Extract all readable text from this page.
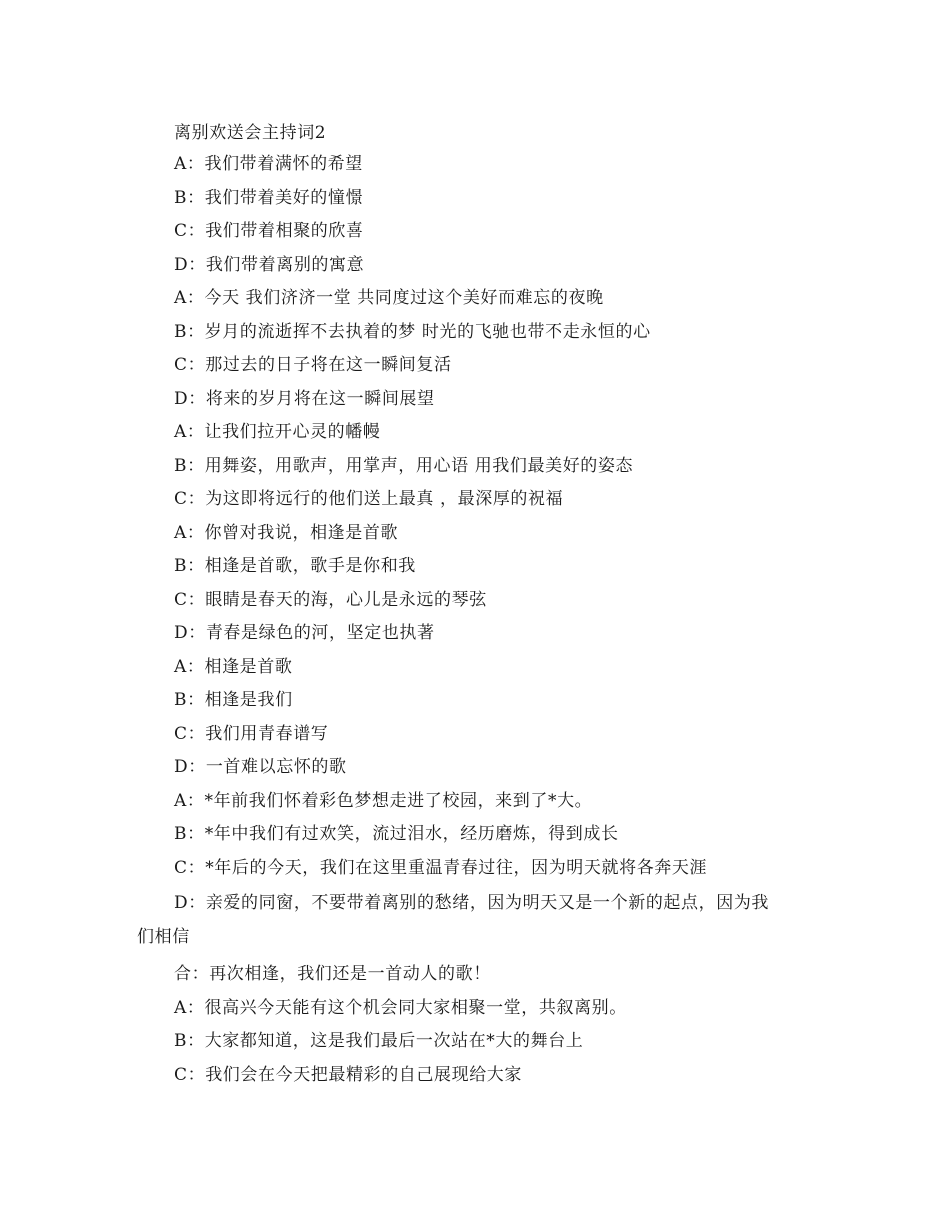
离别欢送会主持词2
A：我们带着满怀的希望
B：我们带着美好的憧憬
C：我们带着相聚的欣喜
D：我们带着离别的寓意
A：今天 我们济济一堂 共同度过这个美好而难忘的夜晚
B：岁月的流逝挥不去执着的梦 时光的飞驰也带不走永恒的心
C：那过去的日子将在这一瞬间复活
D：将来的岁月将在这一瞬间展望
A：让我们拉开心灵的幡幔
B：用舞姿，用歌声，用掌声，用心语 用我们最美好的姿态
C：为这即将远行的他们送上最真 ，最深厚的祝福
A：你曾对我说，相逢是首歌
B：相逢是首歌，歌手是你和我
C：眼睛是春天的海，心儿是永远的琴弦
D：青春是绿色的河，坚定也执著
A：相逢是首歌
B：相逢是我们
C：我们用青春谱写
D：一首难以忘怀的歌
A：*年前我们怀着彩色梦想走进了校园，来到了*大。
B：*年中我们有过欢笑，流过泪水，经历磨炼，得到成长
C：*年后的今天，我们在这里重温青春过往，因为明天就将各奔天涯
D：亲爱的同窗，不要带着离别的愁绪，因为明天又是一个新的起点，因为我
们相信
合：再次相逢，我们还是一首动人的歌！
A：很高兴今天能有这个机会同大家相聚一堂，共叙离别。
B：大家都知道，这是我们最后一次站在*大的舞台上
C：我们会在今天把最精彩的自己展现给大家
